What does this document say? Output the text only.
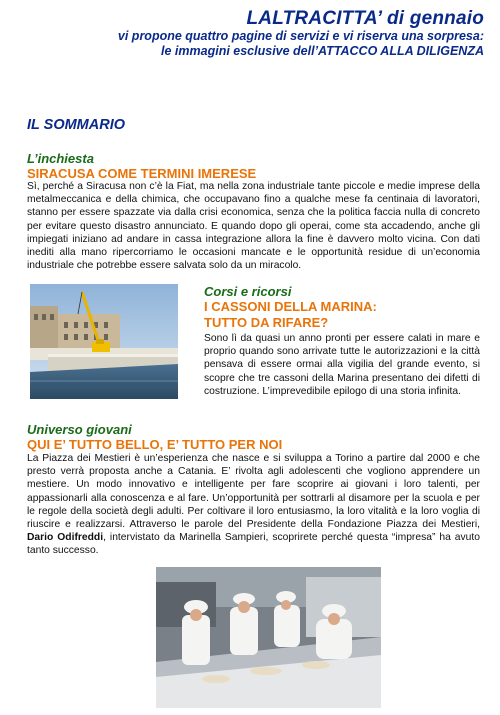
LALTRACITTA’ di gennaio
vi propone quattro pagine di servizi e vi riserva una sorpresa:
le immagini esclusive dell’ATTACCO ALLA DILIGENZA
IL SOMMARIO
L’inchiesta
SIRACUSA COME TERMINI IMERESE
Sì, perché a Siracusa non c’è la Fiat, ma nella zona industriale tante piccole e medie imprese della metalmeccanica e della chimica, che occupavano fino a qualche mese fa centinaia di lavoratori, stanno per essere spazzate via dalla crisi economica, senza che la politica faccia nulla di concreto per evitare questo disastro annunciato. E quando dopo gli operai, come sta accadendo, anche gli impiegati iniziano ad andare in cassa integrazione allora la fine è davvero molto vicina. Con dati inediti alla mano ripercorriamo le occasioni mancate e le opportunità residue di un’economia industriale che potrebbe essere salvata solo da un miracolo.
Corsi e ricorsi
I CASSONI DELLA MARINA:
TUTTO DA RIFARE?
Sono lì da quasi un anno pronti per essere calati in mare e proprio quando sono arrivate tutte le autorizzazioni e la città pensava di essere ormai alla vigilia del grande evento, si scopre che tre cassoni della Marina presentano dei difetti di costruzione. L’imprevedibile epilogo di una storia infinita.
Universo giovani
QUI E’ TUTTO BELLO, E’ TUTTO PER NOI
La Piazza dei Mestieri è un’esperienza che nasce e si sviluppa a Torino a partire dal 2000 e che presto verrà proposta anche a Catania. E’ rivolta agli adolescenti che vogliono apprendere un mestiere. Un modo innovativo e intelligente per fare scoprire ai giovani i loro talenti, per appassionarli alla conoscenza e al fare. Un’opportunità per sottrarli al disamore per la scuola e per le regole della società degli adulti. Per coltivare il loro entusiasmo, la loro vitalità e la loro voglia di riuscire e realizzarsi. Attraverso le parole del Presidente della Fondazione Piazza dei Mestieri, Dario Odifreddi, intervistato da Marinella Sampieri, scoprirete perché questa “impresa” ha avuto tanto successo.
